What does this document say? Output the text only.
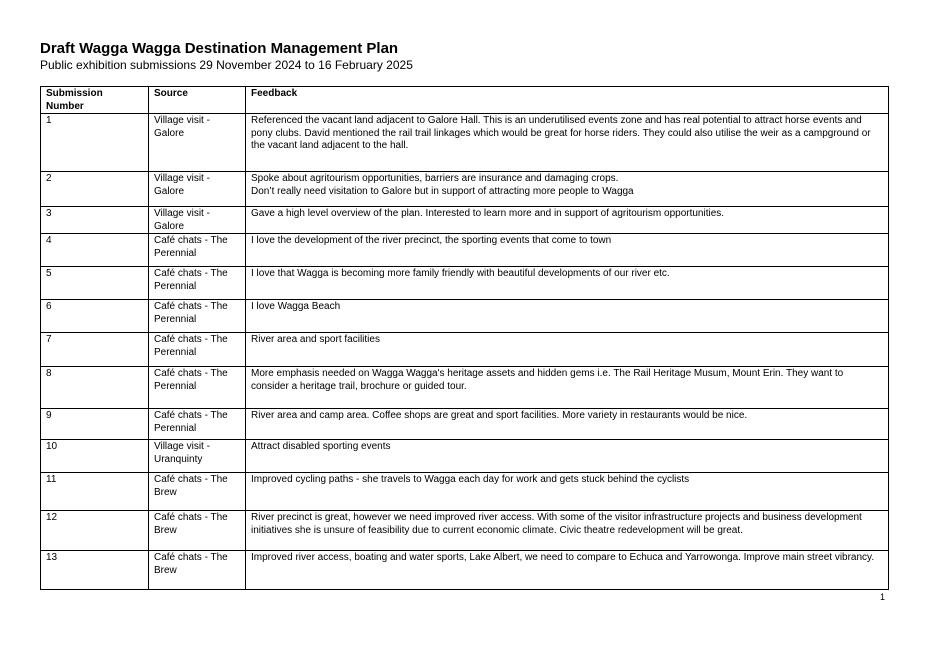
Draft Wagga Wagga Destination Management Plan
Public exhibition submissions 29 November 2024 to 16 February 2025
Submission Number	Source	Feedback
1	Village visit - Galore	Referenced the vacant land adjacent to Galore Hall. This is an underutilised events zone and has real potential to attract horse events and pony clubs. David mentioned the rail trail linkages which would be great for horse riders. They could also utilise the weir as a campground or the vacant land adjacent to the hall.
2	Village visit - Galore	Spoke about agritourism opportunities, barriers are insurance and damaging crops.
Don’t really need visitation to Galore but in support of attracting more people to Wagga
3	Village visit - Galore	Gave a high level overview of the plan. Interested to learn more and in support of agritourism opportunities.
4	Café chats - The Perennial	I love the development of the river precinct, the sporting events that come to town
5	Café chats - The Perennial	I love that Wagga is becoming more family friendly with beautiful developments of our river etc.
6	Café chats - The Perennial	I love Wagga Beach
7	Café chats - The Perennial	River area and sport facilities
8	Café chats - The Perennial	More emphasis needed on Wagga Wagga's heritage assets and hidden gems i.e. The Rail Heritage Musum, Mount Erin. They want to consider a heritage trail, brochure or guided tour.
9	Café chats - The Perennial	River area and camp area. Coffee shops are great and sport facilities. More variety in restaurants would be nice.
10	Village visit - Uranquinty	Attract disabled sporting events
11	Café chats - The Brew	Improved cycling paths - she travels to Wagga each day for work and gets stuck behind the cyclists
12	Café chats - The Brew	River precinct is great, however we need improved river access. With some of the visitor infrastructure projects and business development initiatives she is unsure of feasibility due to current economic climate. Civic theatre redevelopment will be great.
13	Café chats - The Brew	Improved river access, boating and water sports, Lake Albert, we need to compare to Echuca and Yarrowonga. Improve main street vibrancy.
1
